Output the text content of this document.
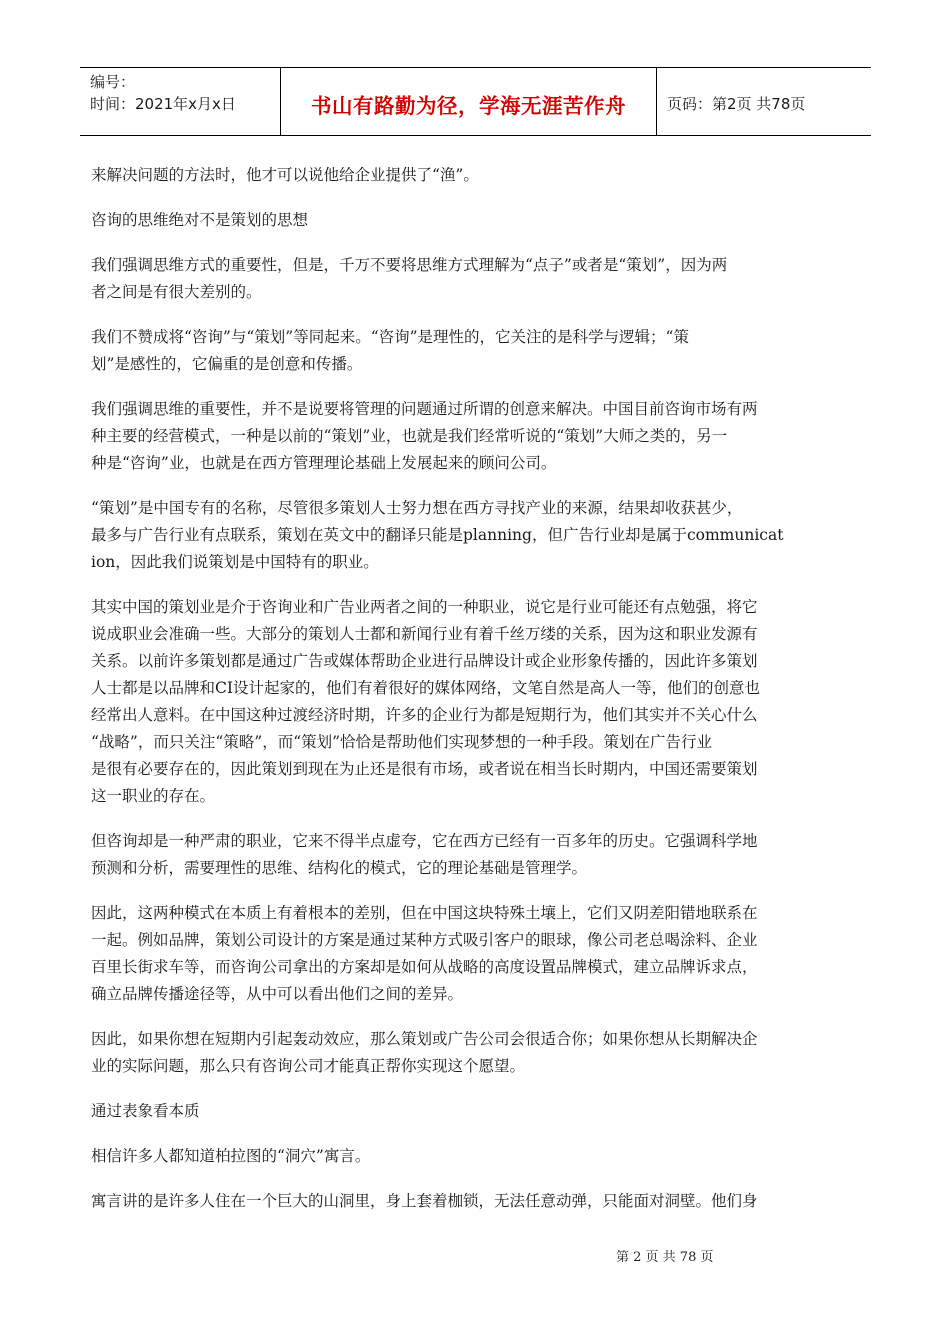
编号：
时间：2021年x月x日	书山有路勤为径，学海无涯苦作舟	页码：第2页 共78页
来解决问题的方法时，他才可以说他给企业提供了“渔”。
咨询的思维绝对不是策划的思想
我们强调思维方式的重要性，但是，千万不要将思维方式理解为“点子”或者是“策划”，因为两
者之间是有很大差别的。
我们不赞成将“咨询”与“策划”等同起来。“咨询”是理性的，它关注的是科学与逻辑；“策
划”是感性的，它偏重的是创意和传播。
我们强调思维的重要性，并不是说要将管理的问题通过所谓的创意来解决。中国目前咨询市场有两
种主要的经营模式，一种是以前的“策划”业，也就是我们经常听说的“策划”大师之类的，另一
种是“咨询”业，也就是在西方管理理论基础上发展起来的顾问公司。
“策划”是中国专有的名称，尽管很多策划人士努力想在西方寻找产业的来源，结果却收获甚少，
最多与广告行业有点联系，策划在英文中的翻译只能是planning，但广告行业却是属于communicat
ion，因此我们说策划是中国特有的职业。
其实中国的策划业是介于咨询业和广告业两者之间的一种职业，说它是行业可能还有点勉强，将它
说成职业会准确一些。大部分的策划人士都和新闻行业有着千丝万缕的关系，因为这和职业发源有
关系。以前许多策划都是通过广告或媒体帮助企业进行品牌设计或企业形象传播的，因此许多策划
人士都是以品牌和CI设计起家的，他们有着很好的媒体网络，文笔自然是高人一等，他们的创意也
经常出人意料。在中国这种过渡经济时期，许多的企业行为都是短期行为，他们其实并不关心什么
“战略”，而只关注“策略”，而“策划”恰恰是帮助他们实现梦想的一种手段。策划在广告行业
是很有必要存在的，因此策划到现在为止还是很有市场，或者说在相当长时期内，中国还需要策划
这一职业的存在。
但咨询却是一种严肃的职业，它来不得半点虚夸，它在西方已经有一百多年的历史。它强调科学地
预测和分析，需要理性的思维、结构化的模式，它的理论基础是管理学。
因此，这两种模式在本质上有着根本的差别，但在中国这块特殊土壤上，它们又阴差阳错地联系在
一起。例如品牌，策划公司设计的方案是通过某种方式吸引客户的眼球，像公司老总喝涂料、企业
百里长街求车等，而咨询公司拿出的方案却是如何从战略的高度设置品牌模式，建立品牌诉求点，
确立品牌传播途径等，从中可以看出他们之间的差异。
因此，如果你想在短期内引起轰动效应，那么策划或广告公司会很适合你；如果你想从长期解决企
业的实际问题，那么只有咨询公司才能真正帮你实现这个愿望。
通过表象看本质
相信许多人都知道柏拉图的“洞穴”寓言。
寓言讲的是许多人住在一个巨大的山洞里，身上套着枷锁，无法任意动弹，只能面对洞壁。他们身
第 2 页 共 78 页
